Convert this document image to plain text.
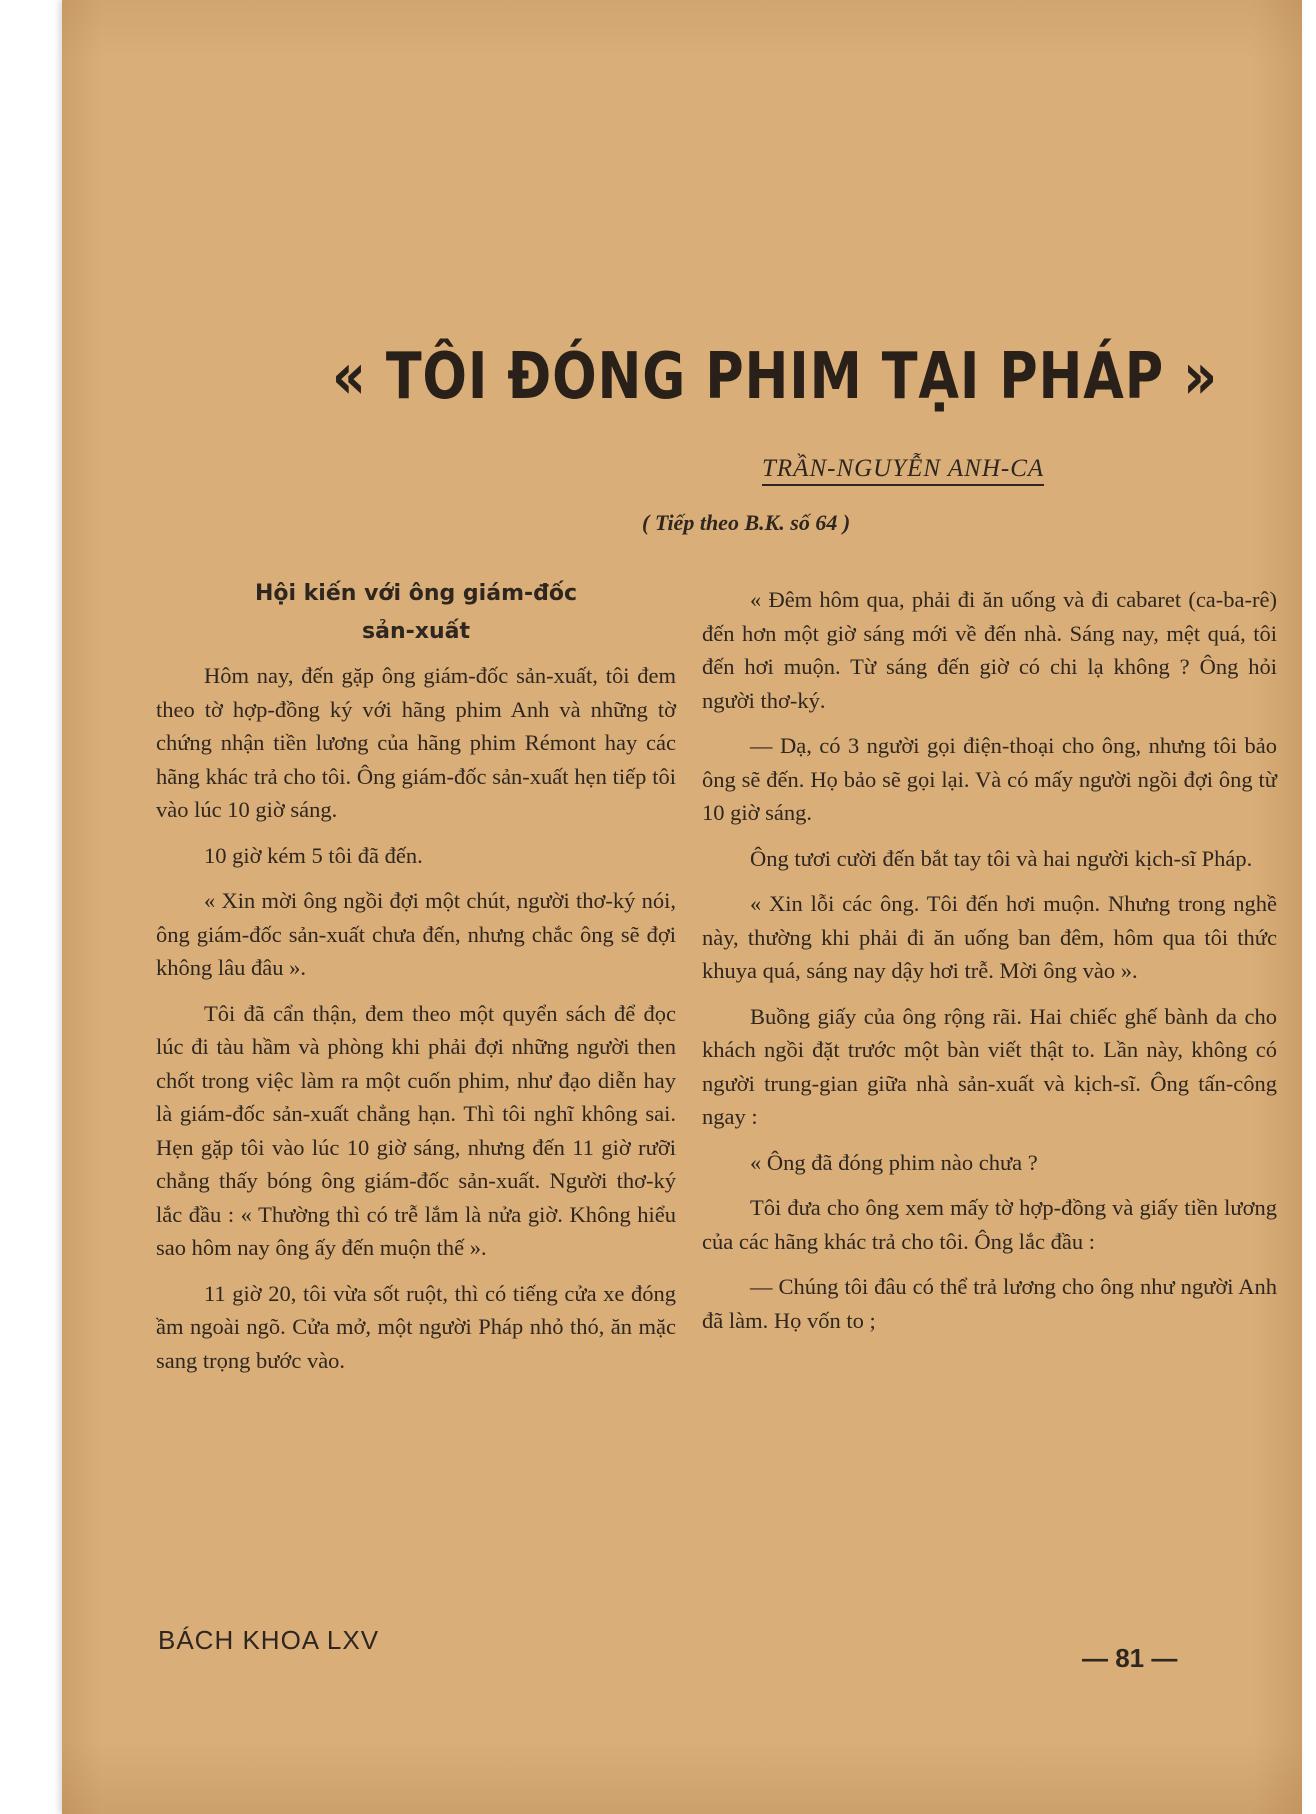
« TÔI ĐÓNG PHIM TẠI PHÁP »
TRẦN-NGUYỄN ANH-CA
( Tiếp theo B.K. số 64 )
Hội kiến với ông giám-đốc
sản-xuất

Hôm nay, đến gặp ông giám-đốc sản-xuất, tôi đem theo tờ hợp-đồng ký với hãng phim Anh và những tờ chứng nhận tiền lương của hãng phim Rémont hay các hãng khác trả cho tôi. Ông giám-đốc sản-xuất hẹn tiếp tôi vào lúc 10 giờ sáng.

10 giờ kém 5 tôi đã đến.

« Xin mời ông ngồi đợi một chút, người thơ-ký nói, ông giám-đốc sản-xuất chưa đến, nhưng chắc ông sẽ đợi không lâu đâu ».

Tôi đã cẩn thận, đem theo một quyển sách để đọc lúc đi tàu hầm và phòng khi phải đợi những người then chốt trong việc làm ra một cuốn phim, như đạo diễn hay là giám-đốc sản-xuất chẳng hạn. Thì tôi nghĩ không sai. Hẹn gặp tôi vào lúc 10 giờ sáng, nhưng đến 11 giờ rưỡi chẳng thấy bóng ông giám-đốc sản-xuất. Người thơ-ký lắc đầu : « Thường thì có trễ lắm là nửa giờ. Không hiểu sao hôm nay ông ấy đến muộn thế ».

11 giờ 20, tôi vừa sốt ruột, thì có tiếng cửa xe đóng ầm ngoài ngõ. Cửa mở, một người Pháp nhỏ thó, ăn mặc sang trọng bước vào.

« Đêm hôm qua, phải đi ăn uống và đi cabaret (ca-ba-rê) đến hơn một giờ sáng mới về đến nhà. Sáng nay, mệt quá, tôi đến hơi muộn. Từ sáng đến giờ có chi lạ không ? Ông hỏi người thơ-ký.

— Dạ, có 3 người gọi điện-thoại cho ông, nhưng tôi bảo ông sẽ đến. Họ bảo sẽ gọi lại. Và có mấy người ngồi đợi ông từ 10 giờ sáng.

Ông tươi cười đến bắt tay tôi và hai người kịch-sĩ Pháp.

« Xin lỗi các ông. Tôi đến hơi muộn. Nhưng trong nghề này, thường khi phải đi ăn uống ban đêm, hôm qua tôi thức khuya quá, sáng nay dậy hơi trễ. Mời ông vào ».

Buồng giấy của ông rộng rãi. Hai chiếc ghế bành da cho khách ngồi đặt trước một bàn viết thật to. Lần này, không có người trung-gian giữa nhà sản-xuất và kịch-sĩ. Ông tấn-công ngay :

« Ông đã đóng phim nào chưa ?

Tôi đưa cho ông xem mấy tờ hợp-đồng và giấy tiền lương của các hãng khác trả cho tôi. Ông lắc đầu :

— Chúng tôi đâu có thể trả lương cho ông như người Anh đã làm. Họ vốn to ;

BÁCH KHOA LXV
— 81 —
